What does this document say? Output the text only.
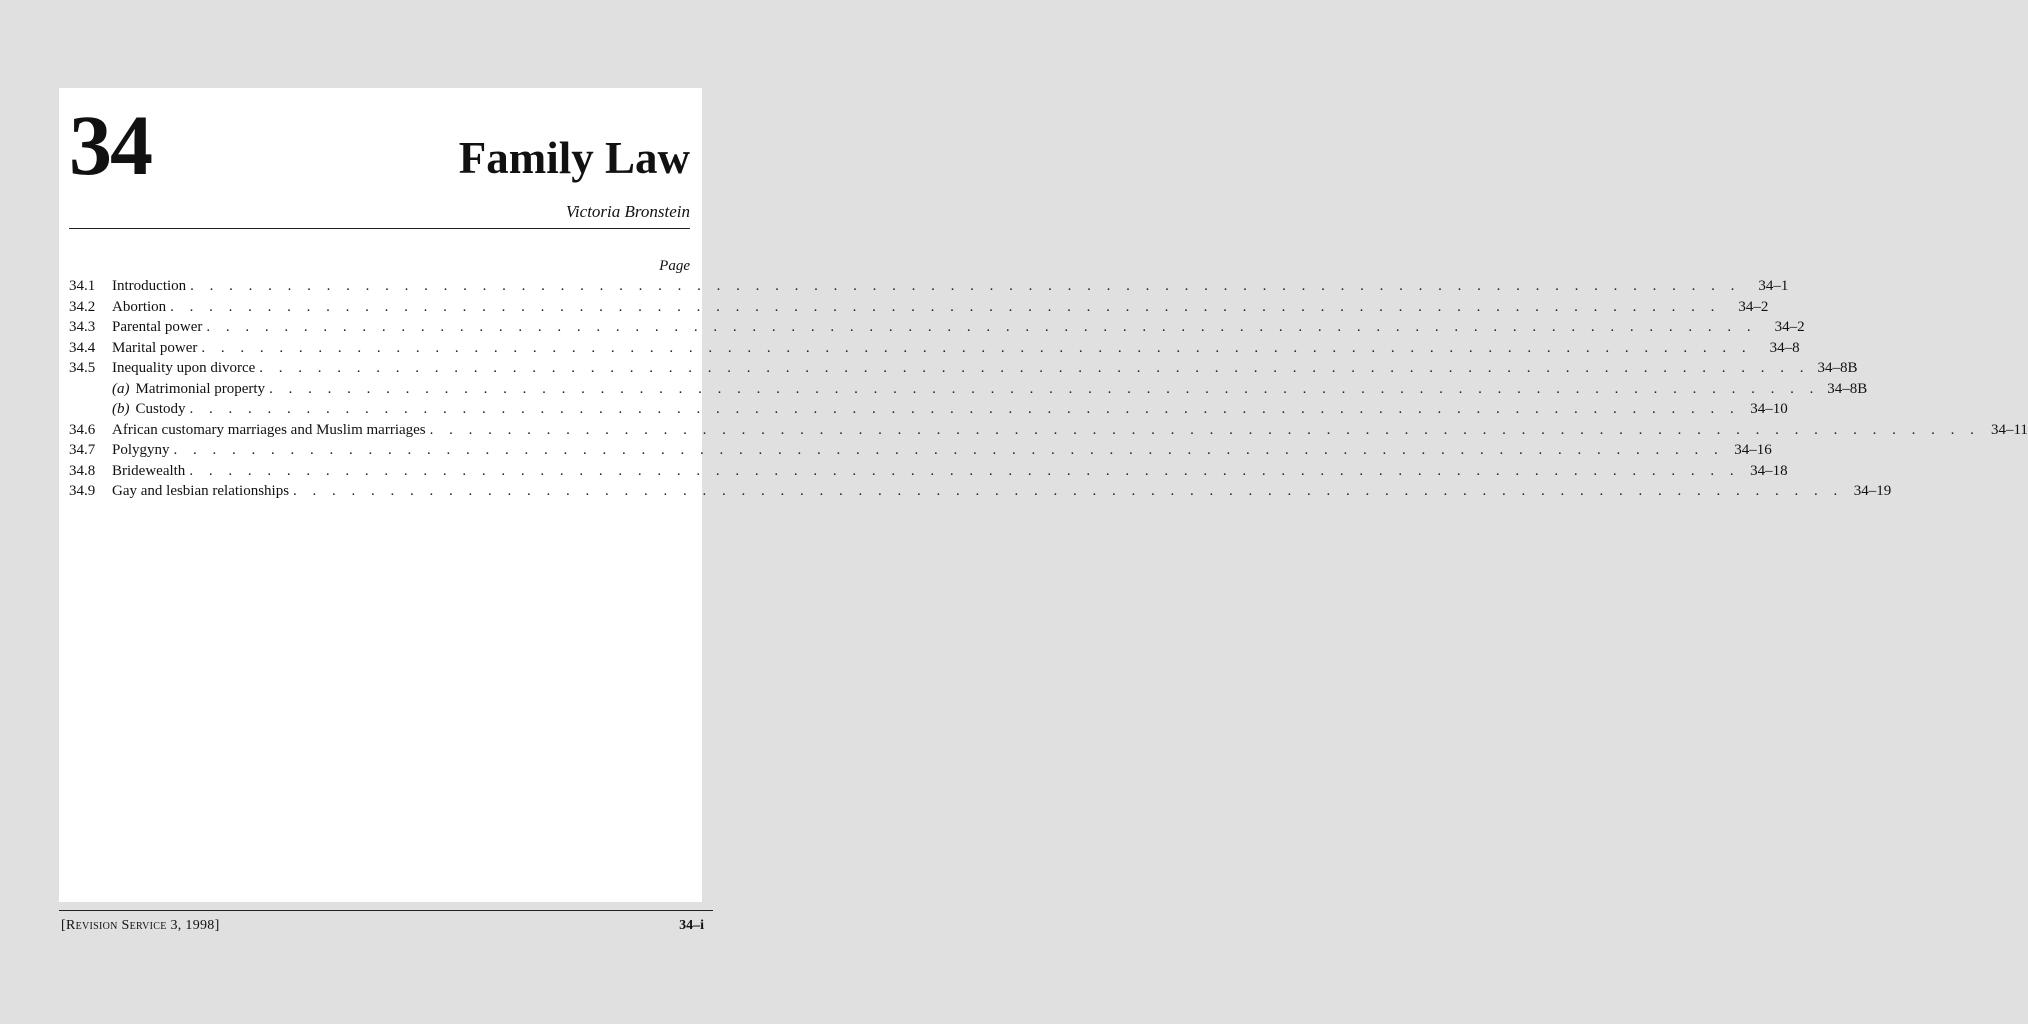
34	Family Law
Victoria Bronstein
Page
34.1 Introduction . . . . . . . . . . . . . . . . . . . . . . . . . . . . . . . . . . . . . . . . . . . . . . . . . . . . . . . . . . . . . . . . . . . . . . . . . . . . . . . .	34–1
34.2 Abortion . . . . . . . . . . . . . . . . . . . . . . . . . . . . . . . . . . . . . . . . . . . . . . . . . . . . . . . . . . . . . . . . . . . . . . . . . . . . . . . .	34–2
34.3 Parental power . . . . . . . . . . . . . . . . . . . . . . . . . . . . . . . . . . . . . . . . . . . . . . . . . . . . . . . . . . . . . . . . . . . . . . . . . . . . . . . .	34–2
34.4 Marital power . . . . . . . . . . . . . . . . . . . . . . . . . . . . . . . . . . . . . . . . . . . . . . . . . . . . . . . . . . . . . . . . . . . . . . . . . . . . . . . .	34–8
34.5 Inequality upon divorce . . . . . . . . . . . . . . . . . . . . . . . . . . . . . . . . . . . . . . . . . . . . . . . . . . . . . . . . . . . . . . . . . . . . . . . . . . . . . . . . 34–8B
(a) Matrimonial property . . . . . . . . . . . . . . . . . . . . . . . . . . . . . . . . . . . . . . . . . . . . . . . . . . . . . . . . . . . . . . . . . . . . . . . . . . . . . . . . 34–8B
(b) Custody . . . . . . . . . . . . . . . . . . . . . . . . . . . . . . . . . . . . . . . . . . . . . . . . . . . . . . . . . . . . . . . . . . . . . . . . . . . . . . . . 34–10
34.6 African customary marriages and Muslim marriages . . . . . . . . . . . . . . . . . . . . . . . . . . . . . . . . . . . . . . . . . . . . . . . . . . . . . . . . . . . . . . . . . . . . . . . . . . . . . . . . 34–11
34.7 Polygyny . . . . . . . . . . . . . . . . . . . . . . . . . . . . . . . . . . . . . . . . . . . . . . . . . . . . . . . . . . . . . . . . . . . . . . . . . . . . . . . . 34–16
34.8 Bridewealth . . . . . . . . . . . . . . . . . . . . . . . . . . . . . . . . . . . . . . . . . . . . . . . . . . . . . . . . . . . . . . . . . . . . . . . . . . . . . . . . 34–18
34.9 Gay and lesbian relationships . . . . . . . . . . . . . . . . . . . . . . . . . . . . . . . . . . . . . . . . . . . . . . . . . . . . . . . . . . . . . . . . . . . . . . . . . . . . . . . . 34–19
[Revision Service 3, 1998]	34–i
